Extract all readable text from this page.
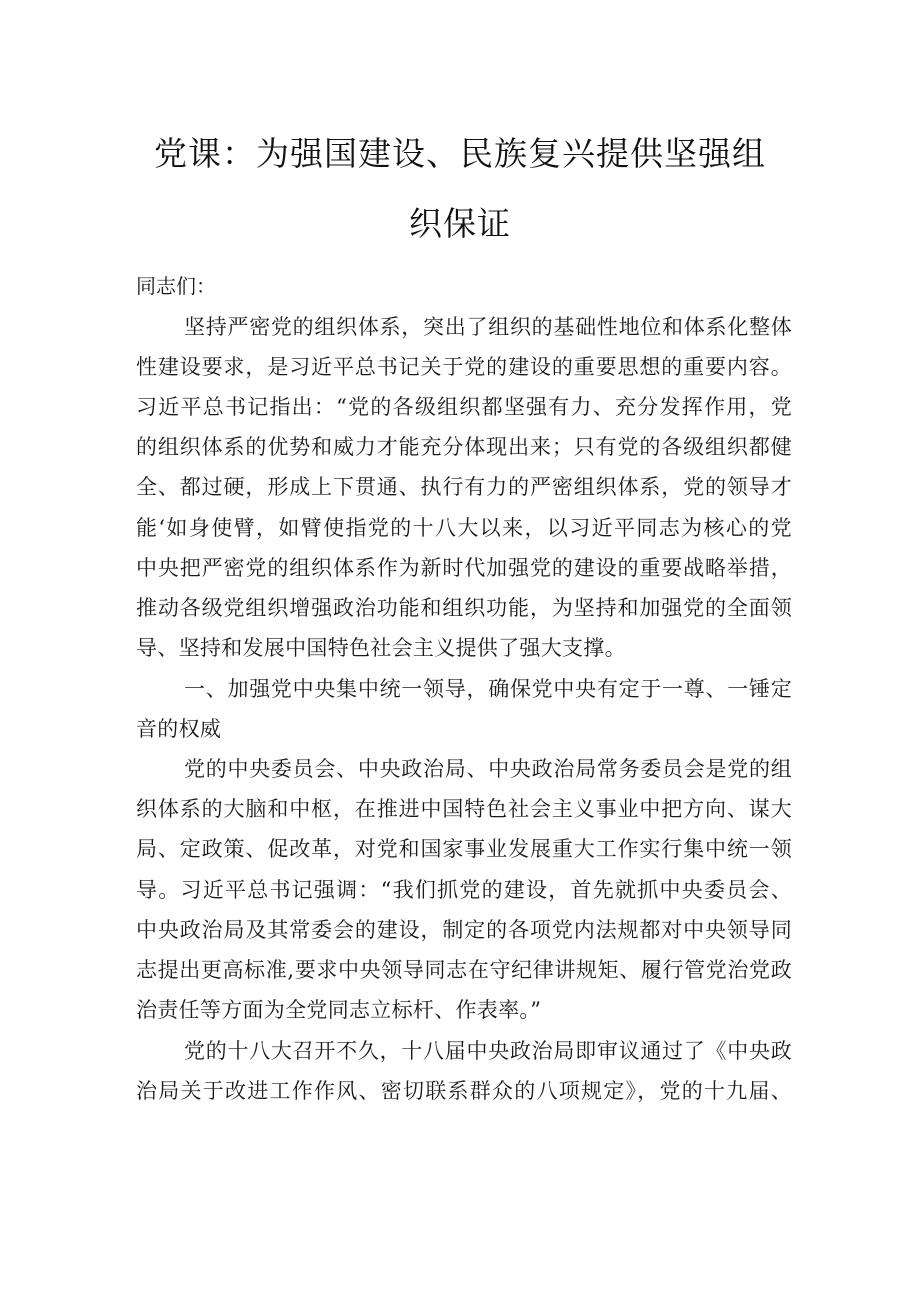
党课：为强国建设、民族复兴提供坚强组
织保证
同志们：
坚持严密党的组织体系，突出了组织的基础性地位和体系化整体
性建设要求，是习近平总书记关于党的建设的重要思想的重要内容。
习近平总书记指出：“党的各级组织都坚强有力、充分发挥作用，党
的组织体系的优势和威力才能充分体现出来；只有党的各级组织都健
全、都过硬，形成上下贯通、执行有力的严密组织体系，党的领导才
能‘如身使臂，如臂使指党的十八大以来，以习近平同志为核心的党
中央把严密党的组织体系作为新时代加强党的建设的重要战略举措，
推动各级党组织增强政治功能和组织功能，为坚持和加强党的全面领
导、坚持和发展中国特色社会主义提供了强大支撑。
一、加强党中央集中统一领导，确保党中央有定于一尊、一锤定
音的权威
党的中央委员会、中央政治局、中央政治局常务委员会是党的组
织体系的大脑和中枢，在推进中国特色社会主义事业中把方向、谋大
局、定政策、促改革，对党和国家事业发展重大工作实行集中统一领
导。习近平总书记强调：“我们抓党的建设，首先就抓中央委员会、
中央政治局及其常委会的建设，制定的各项党内法规都对中央领导同
志提出更高标准,要求中央领导同志在守纪律讲规矩、履行管党治党政
治责任等方面为全党同志立标杆、作表率。”
党的十八大召开不久，十八届中央政治局即审议通过了《中央政
治局关于改进工作作风、密切联系群众的八项规定》，党的十九届、
